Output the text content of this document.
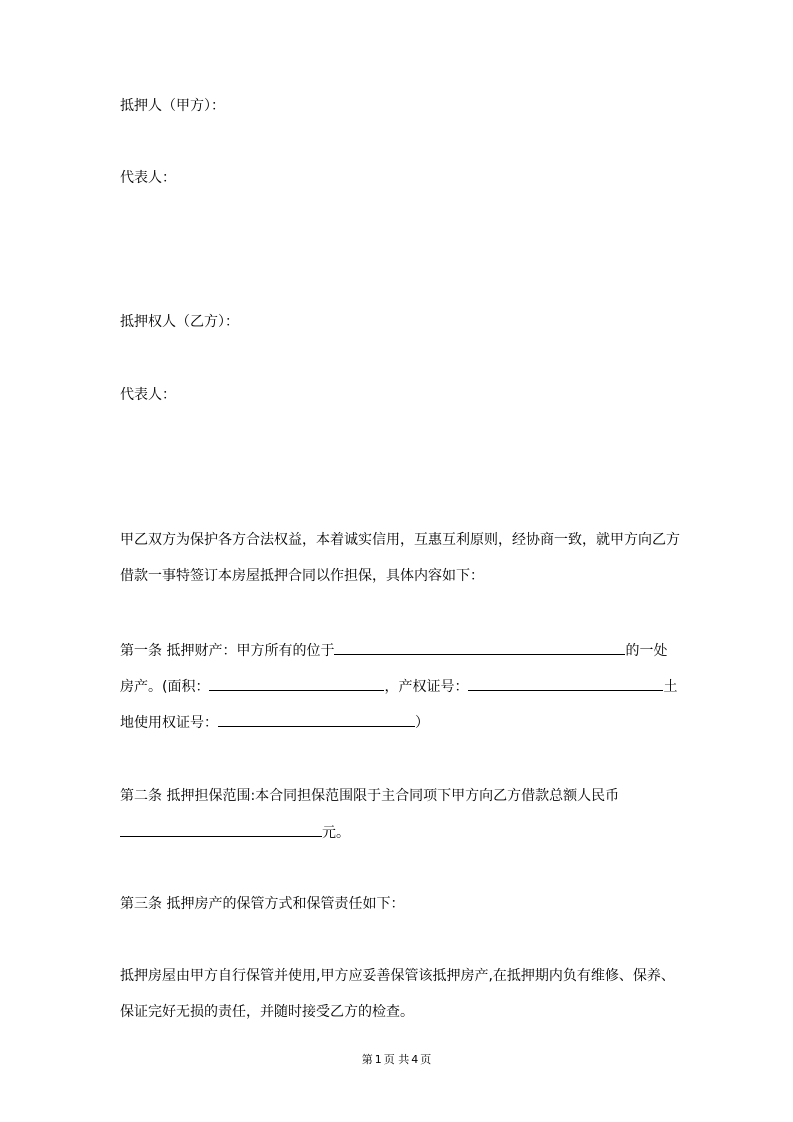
抵押人（甲方）：
代表人：
抵押权人（乙方）：
代表人：
甲乙双方为保护各方合法权益，本着诚实信用，互惠互利原则，经协商一致，就甲方向乙方
借款一事特签订本房屋抵押合同以作担保，具体内容如下：
第一条 抵押财产：甲方所有的位于	的一处
房产。(面积：	，产权证号：	土
地使用权证号：	）
第二条 抵押担保范围:本合同担保范围限于主合同项下甲方向乙方借款总额人民币
元。
第三条 抵押房产的保管方式和保管责任如下：
抵押房屋由甲方自行保管并使用,甲方应妥善保管该抵押房产,在抵押期内负有维修、保养、
保证完好无损的责任，并随时接受乙方的检查。
第 1 页 共 4 页
